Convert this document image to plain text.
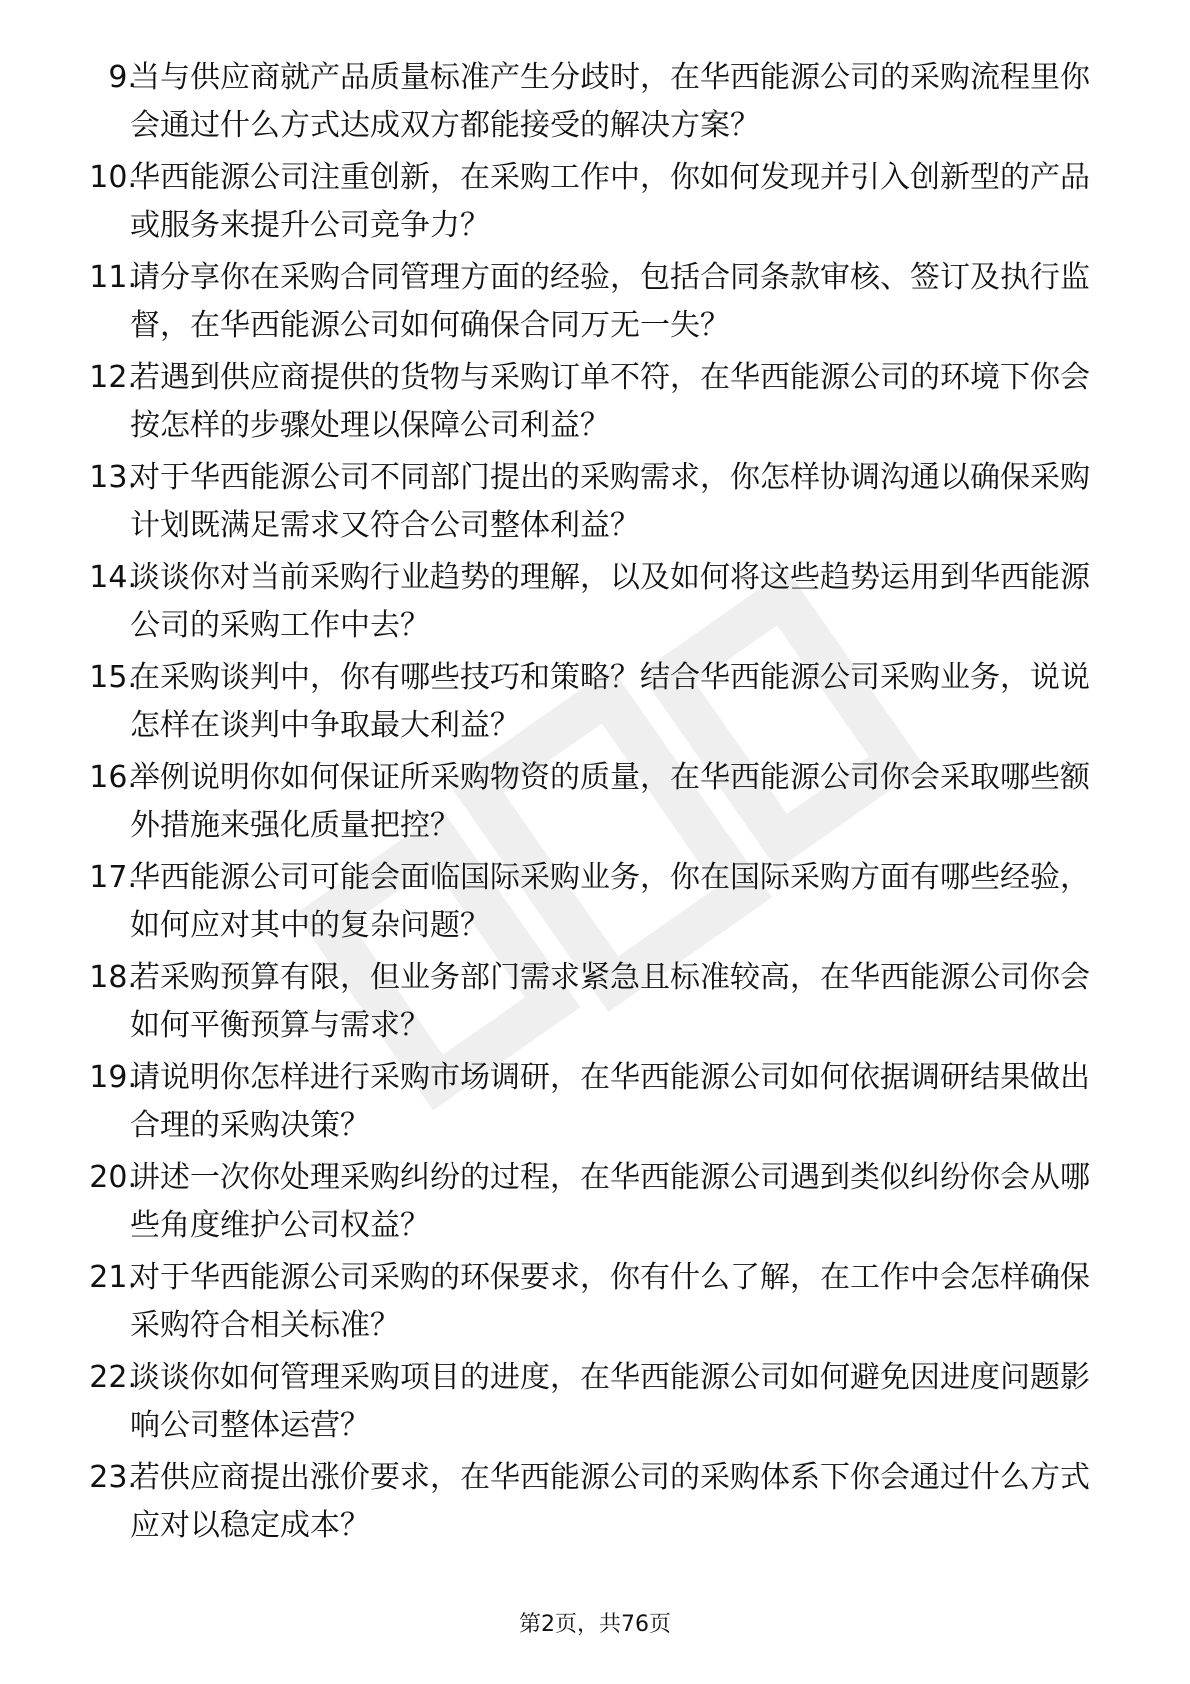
9.

当与供应商就产品质量标准产生分歧时，在华西能源公司的采购流程里你会通过什么方式达成双方都能接受的解决方案？

10.

华西能源公司注重创新，在采购工作中，你如何发现并引入创新型的产品或服务来提升公司竞争力？

11.

请分享你在采购合同管理方面的经验，包括合同条款审核、签订及执行监督，在华西能源公司如何确保合同万无一失？

12.

若遇到供应商提供的货物与采购订单不符，在华西能源公司的环境下你会按怎样的步骤处理以保障公司利益？

13.

对于华西能源公司不同部门提出的采购需求，你怎样协调沟通以确保采购计划既满足需求又符合公司整体利益？

14.

谈谈你对当前采购行业趋势的理解，以及如何将这些趋势运用到华西能源公司的采购工作中去？

15.

在采购谈判中，你有哪些技巧和策略？结合华西能源公司采购业务，说说怎样在谈判中争取最大利益？

16.

举例说明你如何保证所采购物资的质量，在华西能源公司你会采取哪些额外措施来强化质量把控？

17.

华西能源公司可能会面临国际采购业务，你在国际采购方面有哪些经验，如何应对其中的复杂问题？

18.

若采购预算有限，但业务部门需求紧急且标准较高，在华西能源公司你会如何平衡预算与需求？

19.

请说明你怎样进行采购市场调研，在华西能源公司如何依据调研结果做出合理的采购决策？

20.

讲述一次你处理采购纠纷的过程，在华西能源公司遇到类似纠纷你会从哪些角度维护公司权益？

21.

对于华西能源公司采购的环保要求，你有什么了解，在工作中会怎样确保采购符合相关标准？

22.

谈谈你如何管理采购项目的进度，在华西能源公司如何避免因进度问题影响公司整体运营？

23.

若供应商提出涨价要求，在华西能源公司的采购体系下你会通过什么方式应对以稳定成本？

第2页，共76页
